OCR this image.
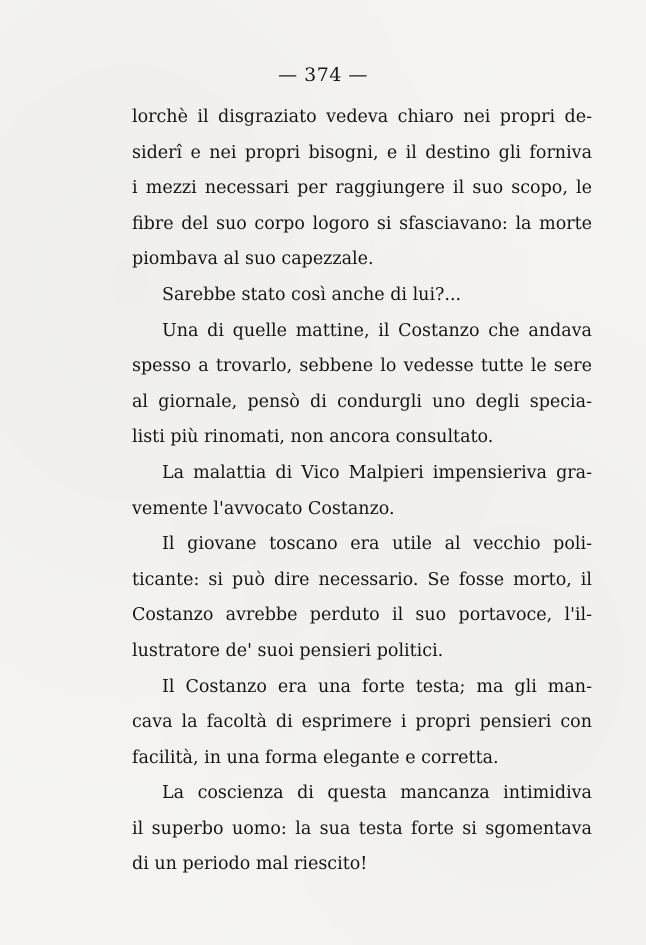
— 374 —
lorchè il disgraziato vedeva chiaro nei propri de-
siderî e nei propri bisogni, e il destino gli forniva
i mezzi necessari per raggiungere il suo scopo, le
fibre del suo corpo logoro si sfasciavano: la morte
piombava al suo capezzale.
Sarebbe stato così anche di lui?...
Una di quelle mattine, il Costanzo che andava
spesso a trovarlo, sebbene lo vedesse tutte le sere
al giornale, pensò di condurgli uno degli specia-
listi più rinomati, non ancora consultato.
La malattia di Vico Malpieri impensieriva gra-
vemente l'avvocato Costanzo.
Il giovane toscano era utile al vecchio poli-
ticante: si può dire necessario. Se fosse morto, il
Costanzo avrebbe perduto il suo portavoce, l'il-
lustratore de' suoi pensieri politici.
Il Costanzo era una forte testa; ma gli man-
cava la facoltà di esprimere i propri pensieri con
facilità, in una forma elegante e corretta.
La coscienza di questa mancanza intimidiva
il superbo uomo: la sua testa forte si sgomentava
di un periodo mal riescito!
